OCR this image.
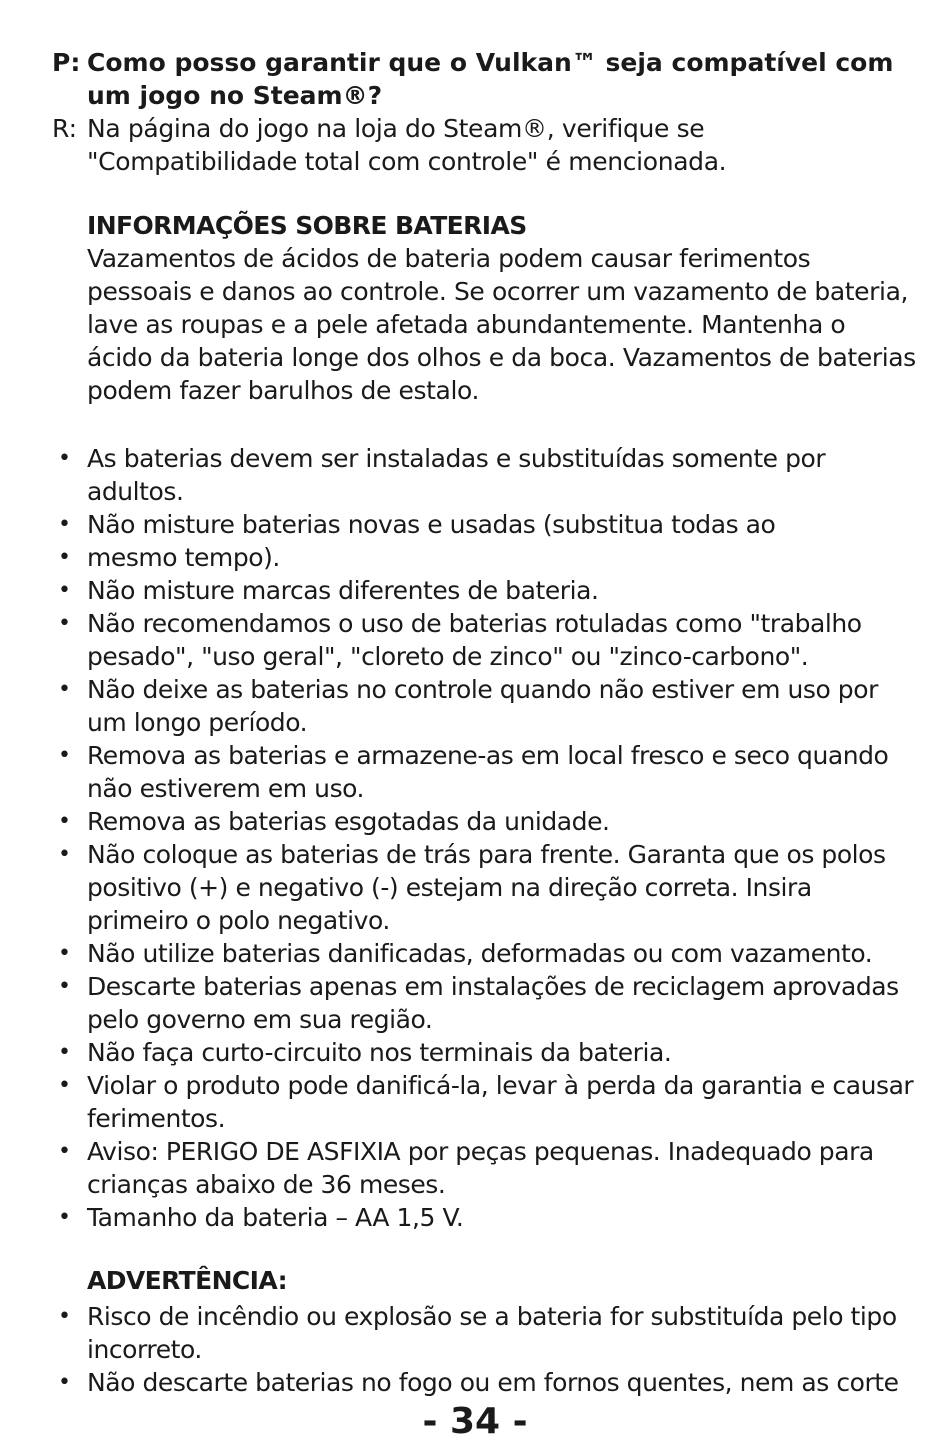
P: Como posso garantir que o Vulkan™ seja compatível com um jogo no Steam®?
R: Na página do jogo na loja do Steam®, verifique se "Compatibilidade total com controle" é mencionada.
INFORMAÇÕES SOBRE BATERIAS

Vazamentos de ácidos de bateria podem causar ferimentos pessoais e danos ao controle. Se ocorrer um vazamento de bateria, lave as roupas e a pele afetada abundantemente. Mantenha o ácido da bateria longe dos olhos e da boca. Vazamentos de baterias podem fazer barulhos de estalo.

• As baterias devem ser instaladas e substituídas somente por adultos.
• Não misture baterias novas e usadas (substitua todas ao
• mesmo tempo).
• Não misture marcas diferentes de bateria.
• Não recomendamos o uso de baterias rotuladas como "trabalho pesado", "uso geral", "cloreto de zinco" ou "zinco-carbono".
• Não deixe as baterias no controle quando não estiver em uso por um longo período.
• Remova as baterias e armazene-as em local fresco e seco quando não estiverem em uso.
• Remova as baterias esgotadas da unidade.
• Não coloque as baterias de trás para frente. Garanta que os polos positivo (+) e negativo (-) estejam na direção correta. Insira primeiro o polo negativo.
• Não utilize baterias danificadas, deformadas ou com vazamento.
• Descarte baterias apenas em instalações de reciclagem aprovadas pelo governo em sua região.
• Não faça curto-circuito nos terminais da bateria.
• Violar o produto pode danificá-la, levar à perda da garantia e causar ferimentos.
• Aviso: PERIGO DE ASFIXIA por peças pequenas. Inadequado para crianças abaixo de 36 meses.
• Tamanho da bateria – AA 1,5 V.
ADVERTÊNCIA:
• Risco de incêndio ou explosão se a bateria for substituída pelo tipo incorreto.
• Não descarte baterias no fogo ou em fornos quentes, nem as corte
- 34 -
